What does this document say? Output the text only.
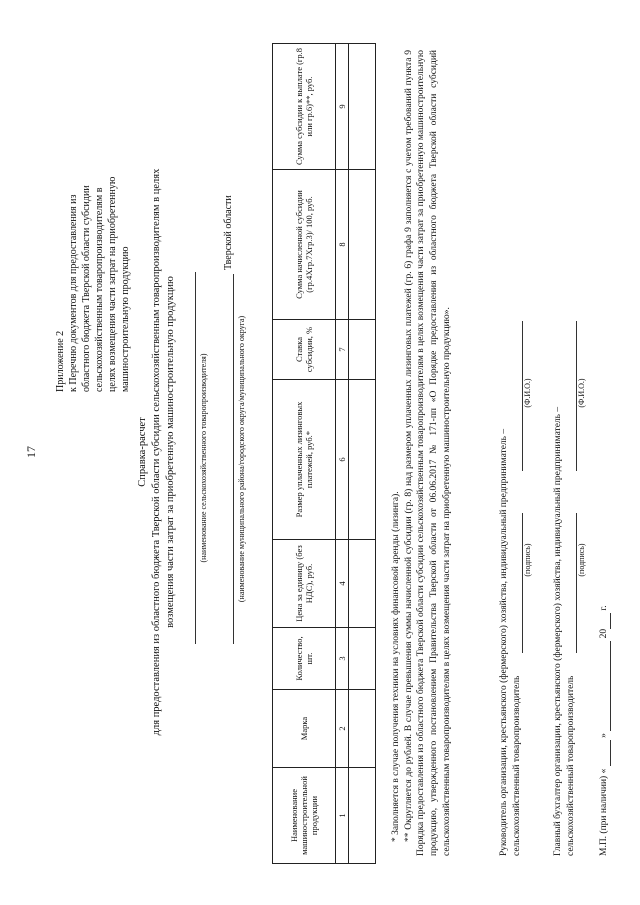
17
Приложение 2 к Перечню документов для предоставления из областного бюджета Тверской области субсидии сельскохозяйственным товаропроизводителям в целях возмещения части затрат на приобретенную машиностроительную продукцию
Справка-расчет для предоставления из областного бюджета Тверской области субсидии сельскохозяйственным товаропроизводителям в целях возмещения части затрат за приобретенную машиностроительную продукцию	(наименование сельскохозяйственного товаропроизводителя)
Тверской области
(наименование муниципального района/городского округа/муниципального округа)
Наименование машиностроительной продукции	Марка	Количество, шт.	Цена за единицу (без НДС), руб.	Размер уплаченных лизинговых платежей, руб.*	Ставка субсидии, %	Сумма начисленной субсидии (гр.4Xгр.7Xгр.3)/ 100, руб.	Сумма субсидии к выплате (гр.8 или гр.6)**, руб.
1	2	3	4	6	7	8	9

* Заполняется в случае получения техники на условиях финансовой аренды (лизинга). ** Округляется до рублей. В случае превышения суммы начисленной субсидии (гр. 8) над размером уплаченных лизинговых платежей (гр. 6) графа 9 заполняется с учетом требований пункта 9 Порядка предоставления из областного бюджета Тверской области субсидии сельскохозяйственным товаропроизводителям в целях возмещения части затрат за приобретенную машиностроительную продукцию, утвержденного постановлением Правительства Тверской области от 06.06.2017 № 171-пп «О Порядке предоставления из областного бюджета Тверской области субсидий сельскохозяйственным товаропроизводителям в целях возмещения части затрат на приобретенную машиностроительную продукцию».	Руководитель организации, крестьянского (фермерского) хозяйства, индивидуальный предприниматель – сельскохозяйственный товаропроизводитель
(подпись) (Ф.И.О.)
Главный бухгалтер организации, крестьянского (фермерского) хозяйства, индивидуальный предприниматель – сельскохозяйственный товаропроизводитель
(подпись) (Ф.И.О.)
М.П. (при наличии) «  »  20 г.
